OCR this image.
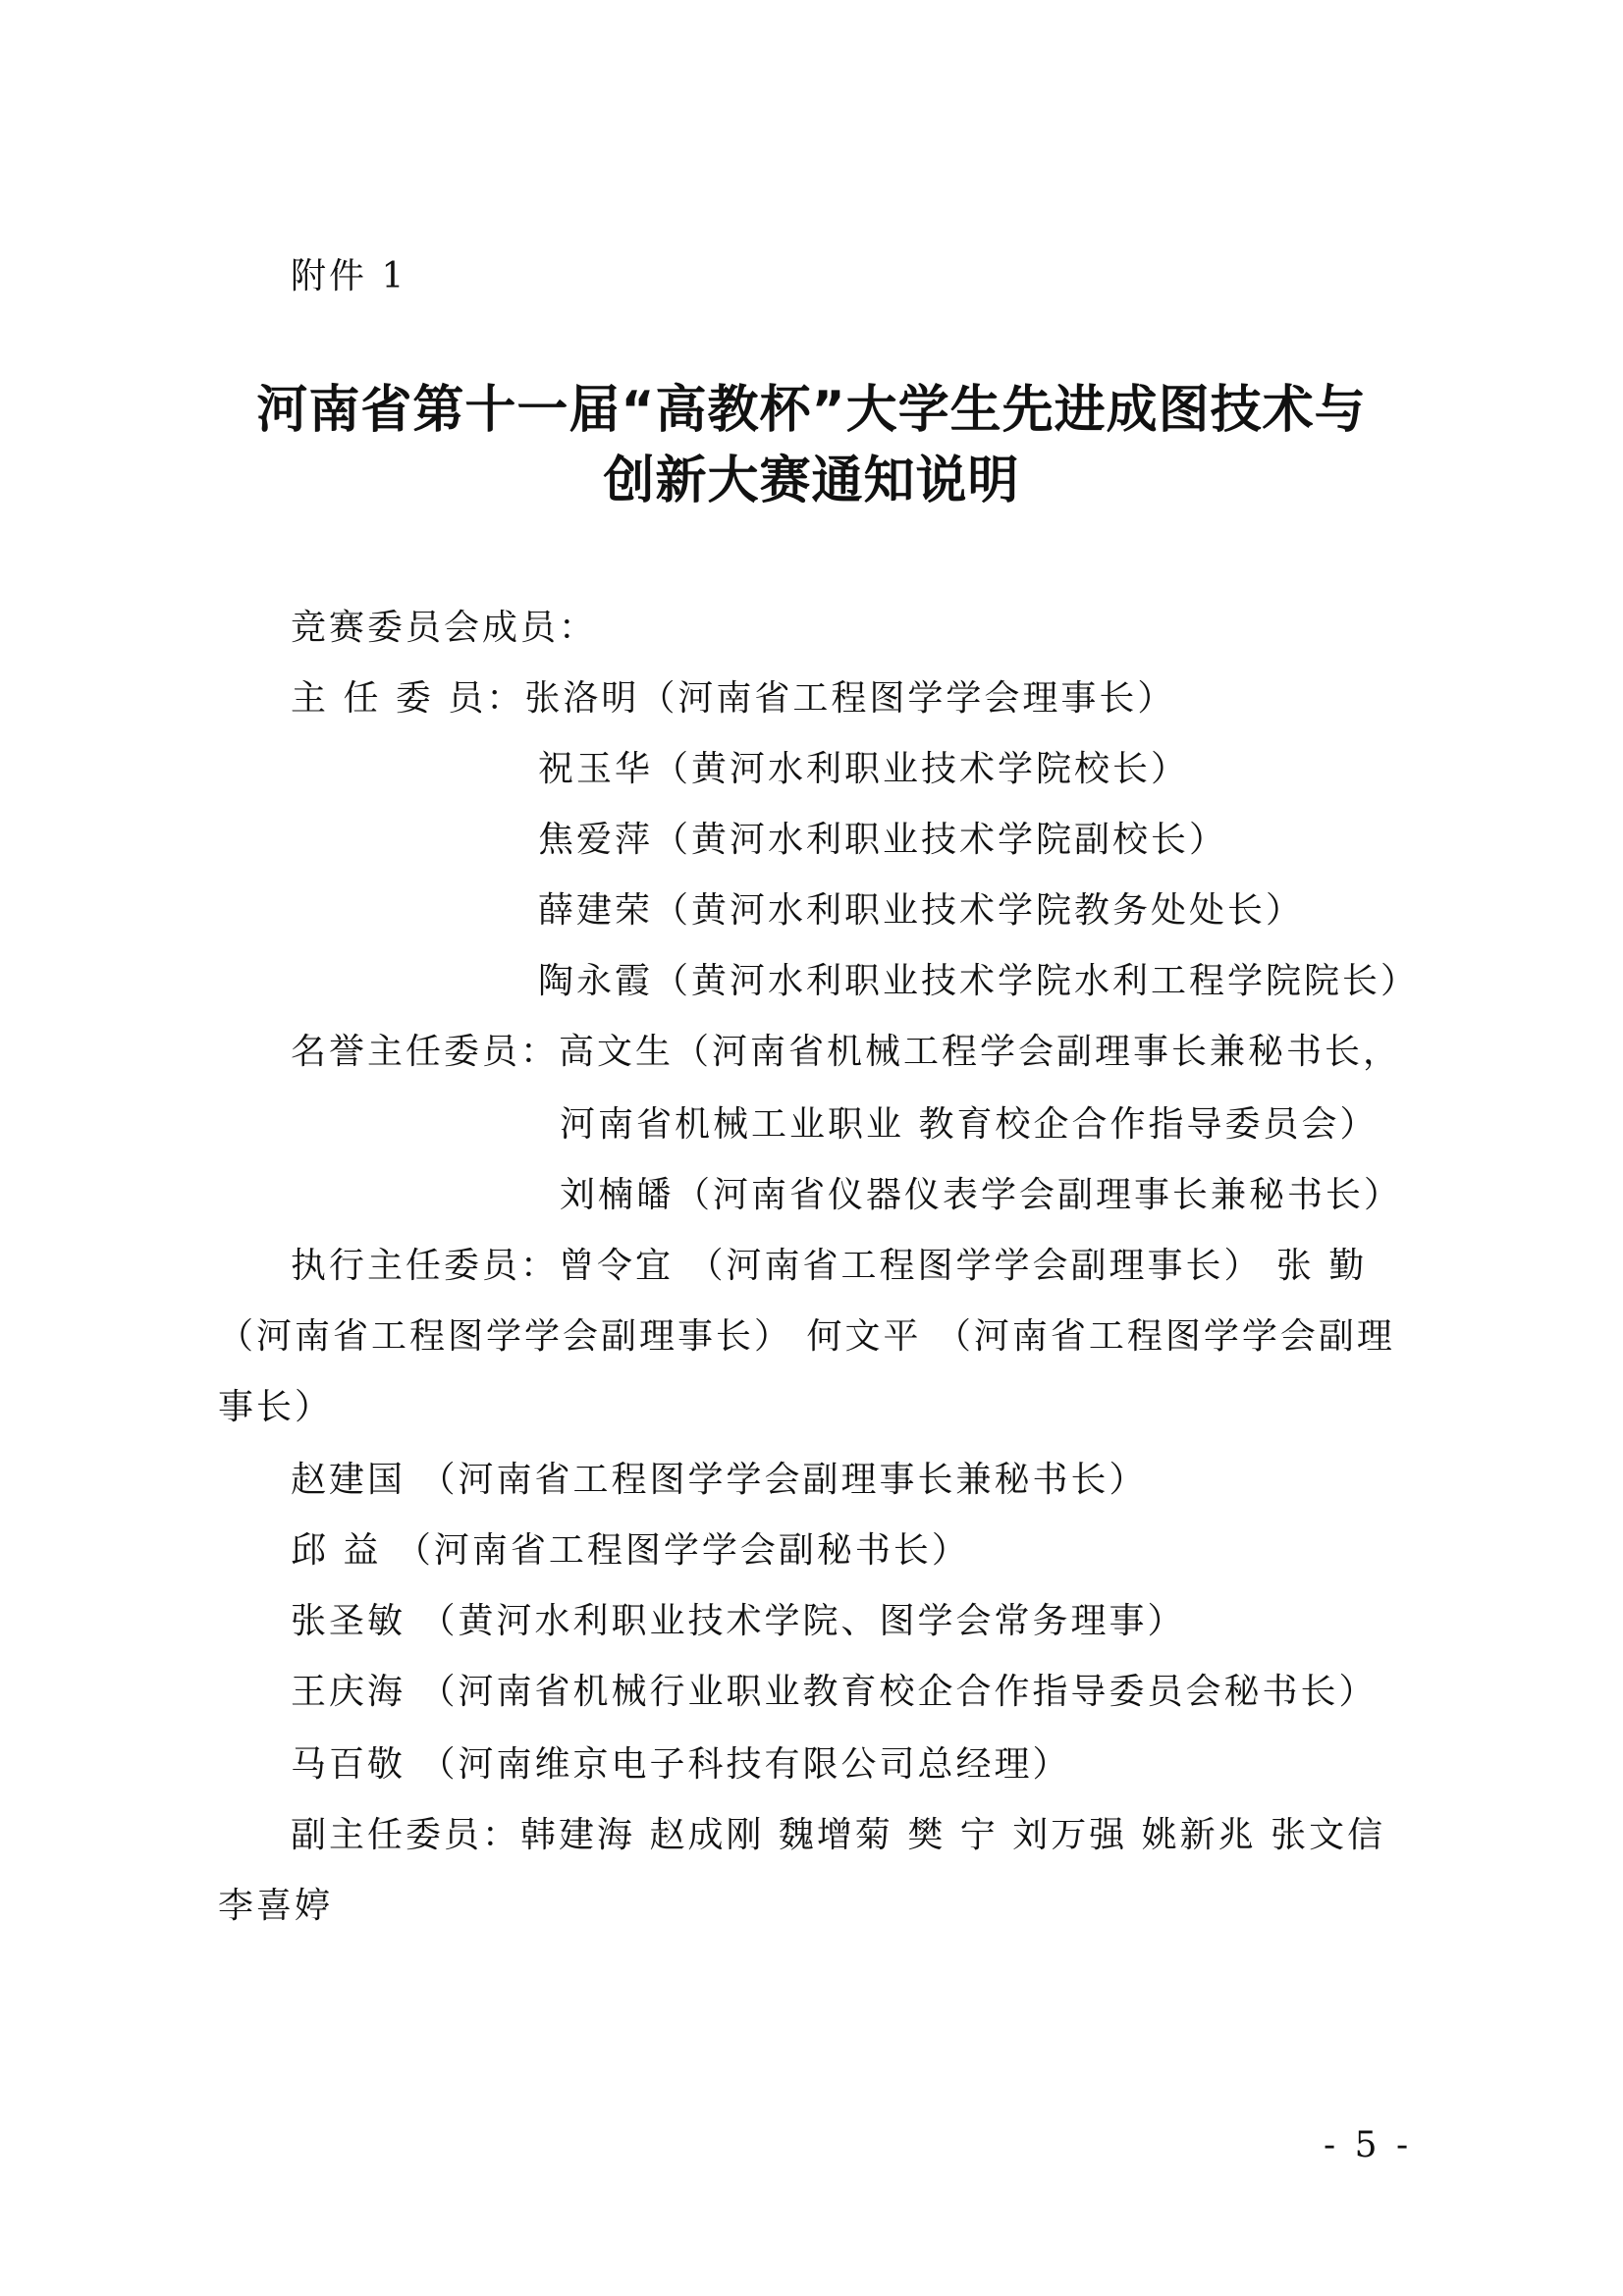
附件 1
河南省第十一届“高教杯”大学生先进成图技术与
创新大赛通知说明
竞赛委员会成员：
主 任 委 员：张洛明（河南省工程图学学会理事长）
祝玉华（黄河水利职业技术学院校长）
焦爱萍（黄河水利职业技术学院副校长）
薛建荣（黄河水利职业技术学院教务处处长）
陶永霞（黄河水利职业技术学院水利工程学院院长）
名誉主任委员：高文生（河南省机械工程学会副理事长兼秘书长，
河南省机械工业职业 教育校企合作指导委员会）
刘楠皤（河南省仪器仪表学会副理事长兼秘书长）
执行主任委员：曾令宜 （河南省工程图学学会副理事长） 张 勤
（河南省工程图学学会副理事长） 何文平 （河南省工程图学学会副理
事长）
赵建国 （河南省工程图学学会副理事长兼秘书长）
邱 益 （河南省工程图学学会副秘书长）
张圣敏 （黄河水利职业技术学院、图学会常务理事）
王庆海 （河南省机械行业职业教育校企合作指导委员会秘书长）
马百敬 （河南维京电子科技有限公司总经理）
副主任委员：韩建海 赵成刚 魏增菊 樊 宁 刘万强 姚新兆 张文信
李喜婷
- 5 -
